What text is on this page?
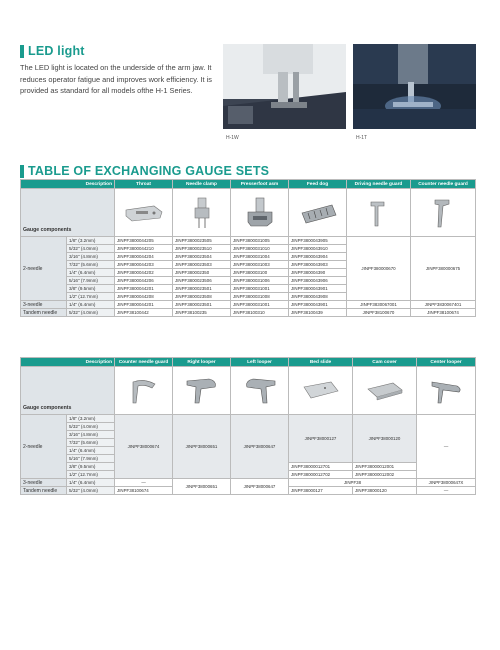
LED light

The LED light is located on the underside of the arm jaw. It reduces operator fatigue and improves work efficiency. It is provided as standard for all models ofthe H-1 Series.

H-1W	H-1T
TABLE OF EXCHANGING GAUGE SETS
Description		Throat	Needle clamp	Presserfoot asm	Feed dog	Driving needle guard	Counter needle guard
Gauge components	

2-needle	1/8" (3.2mm)	JINPF3800044205	JINPF3800023505	JINPF3800031005	JINPF3800043905	JINPF380000670	JINPF380000675
	5/32" (4.0mm)	JINPF3800044210	JINPF3800023510	JINPF3800031010	JINPF3800043910		
	3/16" (4.8mm)	JINPF3800044204	JINPF3800023504	JINPF3800031004	JINPF3800043904		
	7/32" (5.6mm)	JINPF3800044203	JINPF3800023503	JINPF3800031003	JINPF3800043903		
	1/4" (6.4mm)	JINPF3800044202	JINPF380002350	JINPF380003100	JINPF380004390		
	5/16" (7.9mm)	JINPF3800044206	JINPF3800023506	JINPF3800031006	JINPF3800043906		
	3/8" (9.5mm)	JINPF3800044201	JINPF3800023501	JINPF3800031001	JINPF3800043901		
	1/2" (12.7mm)	JINPF3800044208	JINPF3800023508	JINPF3800031008	JINPF3800043908		
3-needle	1/4" (6.4mm)	JINPF3800044201	JINPF3800023501	JINPF3800031001	JINPF3800043901	JINPF3830067001	JINPF3830067401
Tandem needle	5/32" (4.0mm)	JINPF38100442	JINPF38100235	JINPF38100310	JINPF38100439	JINPF38100670	JINPF38100674
Description		Counter needle guard	Right looper	Left looper	Bed slide	Cam cover	Center looper
Gauge components	

2-needle	1/8" (3.2mm)	JINPF38000674	JINPF38000651	JINPF38000647	JINPF38000127	JINPF38000120	—
	5/32" (4.0mm)						
	3/16" (4.8mm)						
	7/32" (5.6mm)						
	1/4" (6.4mm)						
	5/16" (7.9mm)						
	3/8" (9.5mm)				JINPF38000012701	JINPF38000012001	
	1/2" (12.7mm)				JINPF38000012702	JINPF38000012002	
3-needle	1/4" (6.4mm)	—	JINPF38000651	JINPF38000647	JINPF38		JINPF38000647X
Tandem needle	5/32" (4.0mm)	JINPF38100674			JINPF38000127	JINPF38000120	—
